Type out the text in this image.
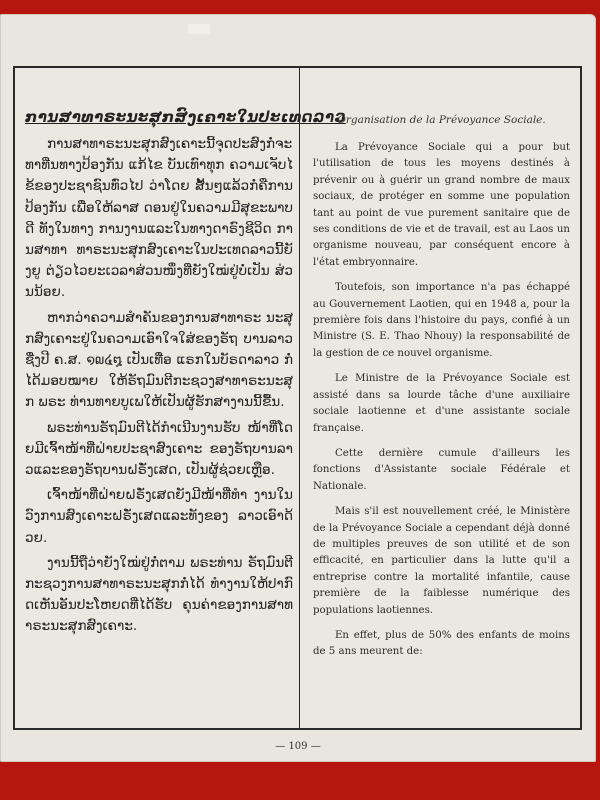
ການສາທາຣະນະສຸກສົງເຄາະໃນປະເທດລາວ

ການສາທາຣະນະສຸກສົງເຄາະນີ້ຈຸດປະສົງກໍ່ຈະທາທີ່ນທາງປ້ອງກັນ ແກ້ໄຂ ບັນເທົາທຸກ ຄວາມເຈັບໄຂ້ຂອງປະຊາຊົນທົ່ວໄປ ວ່າໂດຍ ສັ້ນໆແລ້ວກໍ່ຄືການປ້ອງກັນ ເພື່ອໃຫ້ລາສ ດອນຢູ່ໃນຄວາມມີສຸຂະພາບດີ ທັງໃນທາງ ການງານແລະໃນທາງດາຣົງຊີວິດ ການສາທາ ທາຣະນະສຸກສົງເຄາະໃນປະເທດລາວນີ້ຍັງຍູ ຕ່ຽວໄວຍະເວລາສ່ວນໜຶ່ງທີ່ຍັງໃໝ່ຢູ່ບໍ່ເປັນ ສ່ວນນ້ອຍ.

ຫາກວ່າຄວາມສຳຄັນຂອງການສາທາຣະ ນະສຸກສົງເຄາະຢູ່ໃນຄວາມເອົາໃຈໃສ່ຂອງຣັຖ ບານລາວ ຊື່ງປີ ຄ.ສ. ໑໙໔໘ ເປັນເທື່ອ ແຣກໃນບັຣດາລາວ ກໍ່ໄດ້ມອບໝາຍ ໃຫ້ຣັຖມົນຕີກະຊວງສາທາຣະນະສຸກ ພຣະ ທ່ານທາຍບູເພໃຫ້ເປັນຜູ້ຮັກສາງານນີ້ຂື້ນ.

ພຣະທ່ານຣັຖມົນຕີໄດ້ກຳເນີນງານຮັບ ໜ້າທີ່ໂດຍມີເຈົ້າໜ້າທີ່ຝ່າຍປະຊາສົງເຄາະ ຂອງຣັຖບານລາວແລະຂອງຣັຖບານຝຣັ່ງເສດ, ເປັນຜູ້ຊ່ວຍເຫຼືອ.

ເຈົ້າໜ້າທີ່ຝ່າຍຝຣັ່ງເສດຍັງມີໜ້າທີ່ທຳ ງານໃນວົງການສົງເຄາະຝຣັ່ງເສດແລະທັງຂອງ ລາວເອົາດ້ວຍ.

ງານນີ້ຖືວ່າຍັງໃໝ່ຢູ່ກໍ່ຕາມ ພຣະທ່ານ ຣັຖມົນຕີກະຊວງການສາທາຣະນະສຸກກໍ່ໄດ້ ທຳງານໃຫ້ປາກົດເຫັນອັນປະໂຫຍດທີ່ໄດ້ຮັບ ຄຸນຄ່າຂອງການສາທາຣະນະສຸກສົງເຄາະ.

Organisation de la Prévoyance Sociale.

La Prévoyance Sociale qui a pour but l'utilisation de tous les moyens destinés à prévenir ou à guérir un grand nombre de maux sociaux, de protéger en somme une population tant au point de vue purement sanitaire que de ses conditions de vie et de travail, est au Laos un organisme nouveau, par conséquent encore à l'état embryonnaire.

Toutefois, son importance n'a pas échappé au Gouvernement Laotien, qui en 1948 a, pour la première fois dans l'histoire du pays, confié à un Ministre (S. E. Thao Nhouy) la responsabilité de la gestion de ce nouvel organisme.

Le Ministre de la Prévoyance Sociale est assisté dans sa lourde tâche d'une auxiliaire sociale laotienne et d'une assistante sociale française.

Cette dernière cumule d'ailleurs les fonctions d'Assistante sociale Fédérale et Nationale.

Mais s'il est nouvellement créé, le Ministère de la Prévoyance Sociale a cependant déjà donné de multiples preuves de son utilité et de son efficacité, en particulier dans la lutte qu'il a entreprise contre la mortalité infantile, cause première de la faiblesse numérique des populations laotiennes.

En effet, plus de 50% des enfants de moins de 5 ans meurent de:

— 109 —
